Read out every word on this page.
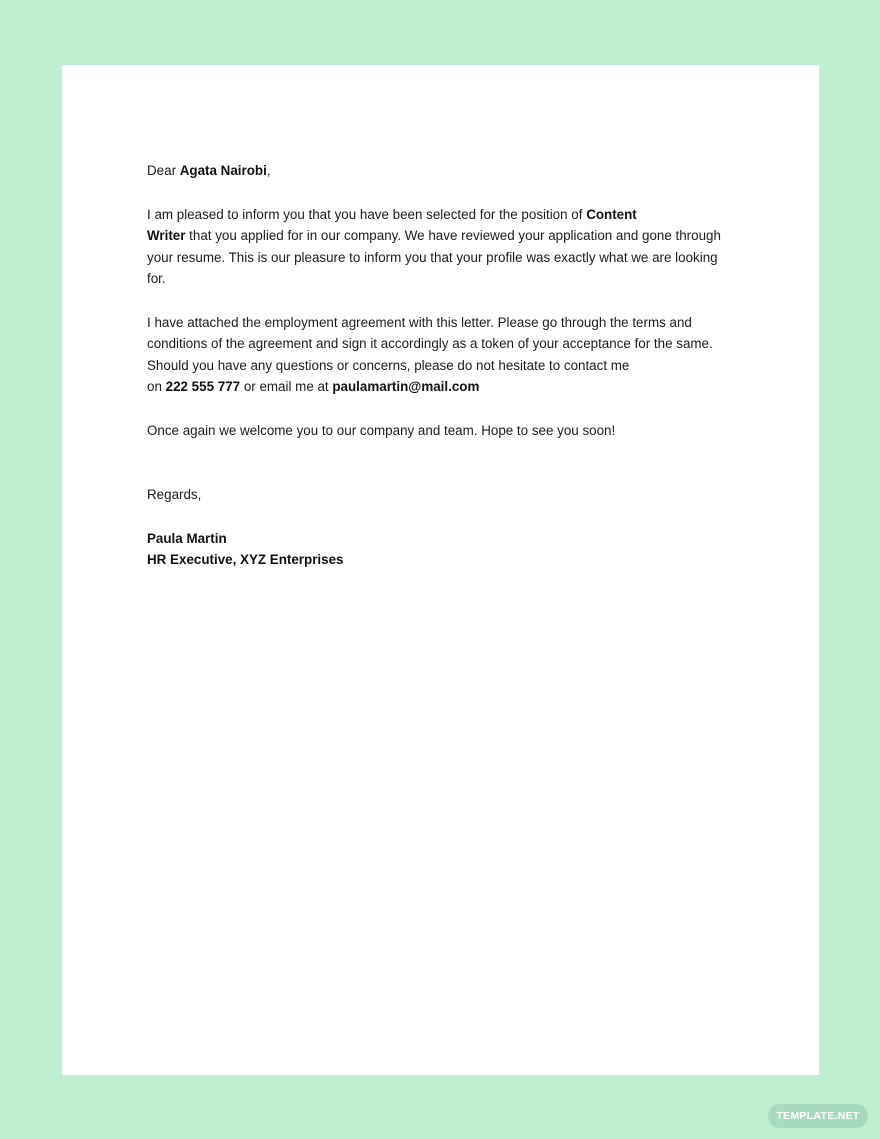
Dear Agata Nairobi,

I am pleased to inform you that you have been selected for the position of Content
Writer that you applied for in our company. We have reviewed your application and gone through your resume. This is our pleasure to inform you that your profile was exactly what we are looking for.

I have attached the employment agreement with this letter. Please go through the terms and conditions of the agreement and sign it accordingly as a token of your acceptance for the same. Should you have any questions or concerns, please do not hesitate to contact me
on 222 555 777 or email me at paulamartin@mail.com

Once again we welcome you to our company and team. Hope to see you soon!

Regards,

Paula Martin

HR Executive, XYZ Enterprises

TEMPLATE.NET
